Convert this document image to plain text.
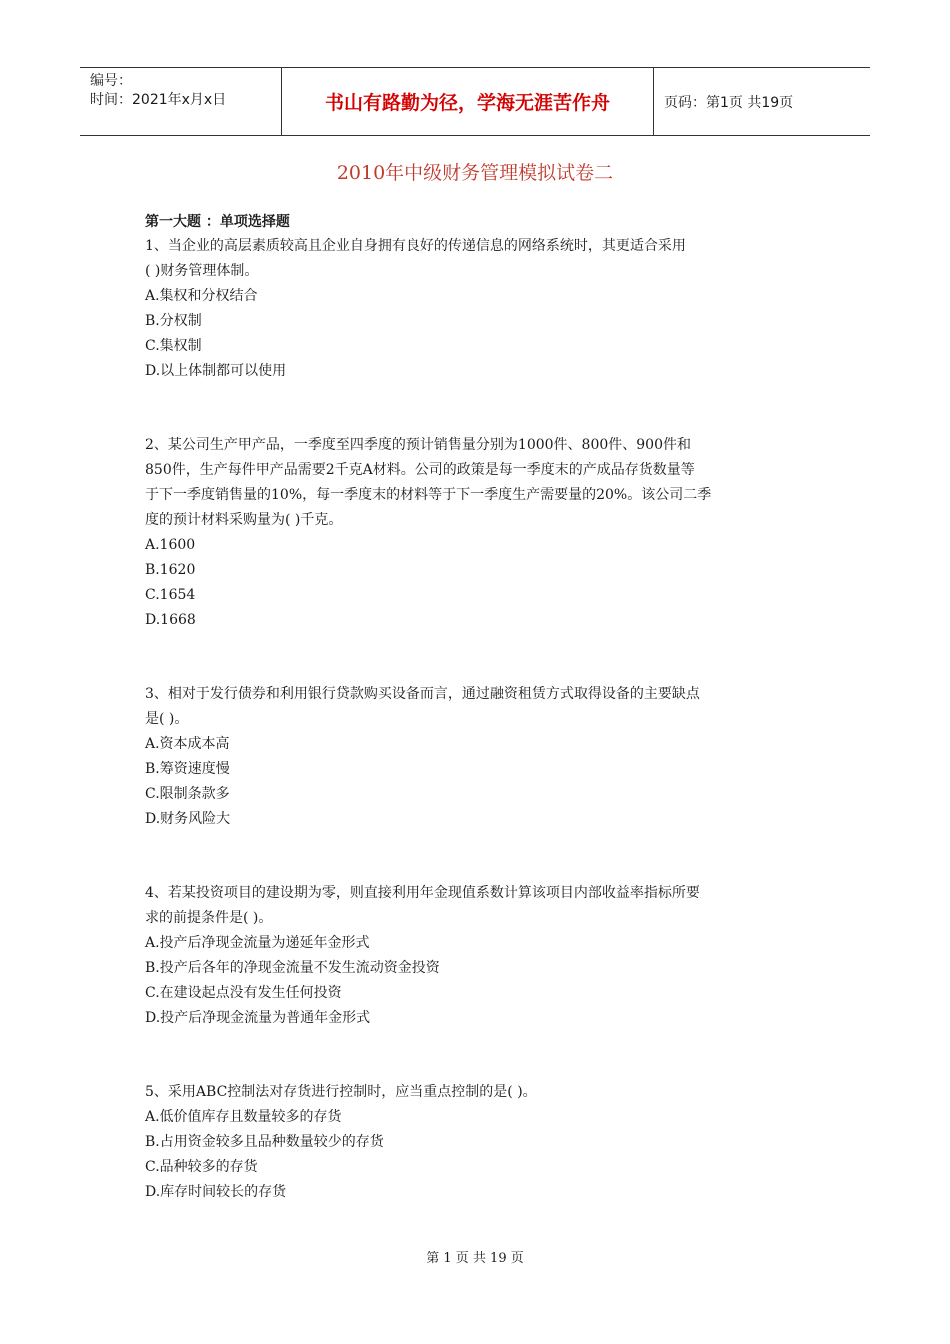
编号：
时间：2021年x月x日	书山有路勤为径，学海无涯苦作舟	页码：第1页 共19页
2010年中级财务管理模拟试卷二
第一大题 ：单项选择题
1、当企业的高层素质较高且企业自身拥有良好的传递信息的网络系统时，其更适合采用
( )财务管理体制。
A.集权和分权结合
B.分权制
C.集权制
D.以上体制都可以使用
2、某公司生产甲产品，一季度至四季度的预计销售量分别为1000件、800件、900件和
850件，生产每件甲产品需要2千克A材料。公司的政策是每一季度末的产成品存货数量等
于下一季度销售量的10%，每一季度末的材料等于下一季度生产需要量的20%。该公司二季
度的预计材料采购量为( )千克。
A.1600
B.1620
C.1654
D.1668
3、相对于发行债券和利用银行贷款购买设备而言，通过融资租赁方式取得设备的主要缺点
是( )。
A.资本成本高
B.筹资速度慢
C.限制条款多
D.财务风险大
4、若某投资项目的建设期为零，则直接利用年金现值系数计算该项目内部收益率指标所要
求的前提条件是( )。
A.投产后净现金流量为递延年金形式
B.投产后各年的净现金流量不发生流动资金投资
C.在建设起点没有发生任何投资
D.投产后净现金流量为普通年金形式
5、采用ABC控制法对存货进行控制时，应当重点控制的是( )。
A.低价值库存且数量较多的存货
B.占用资金较多且品种数量较少的存货
C.品种较多的存货
D.库存时间较长的存货
第 1 页 共 19 页
